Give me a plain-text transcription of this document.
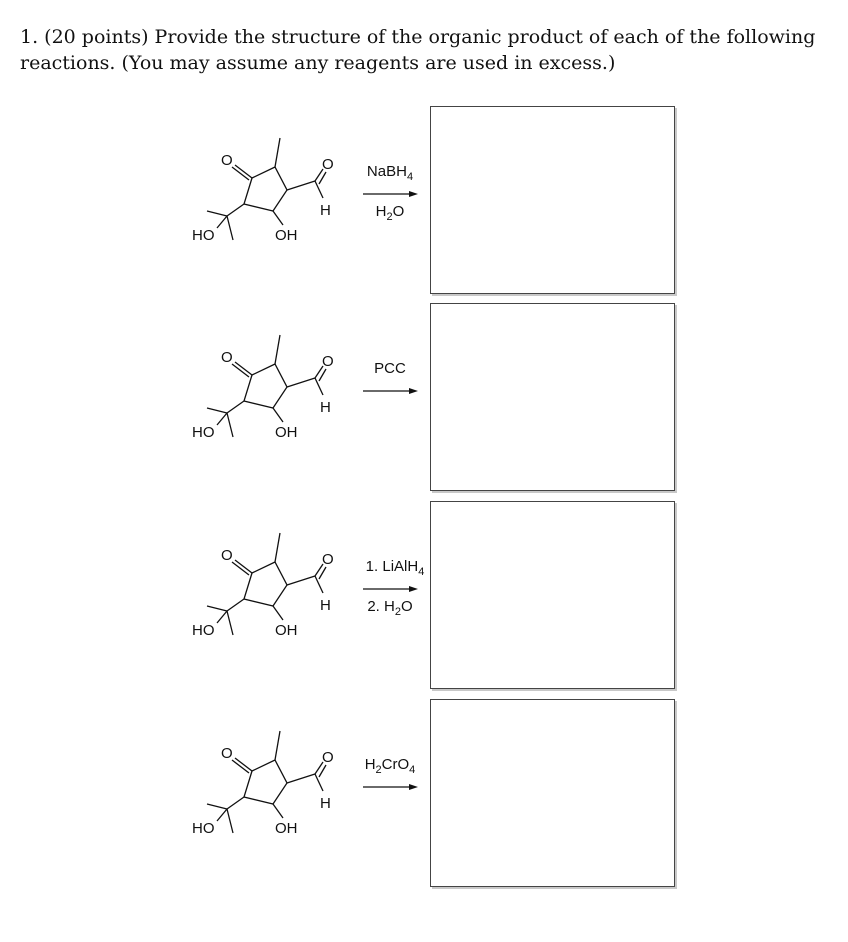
1. (20 points) Provide the structure of the organic product of each of the following reactions. (You may assume any reagents are used in excess.)
O	O
H
HO	OH
NaBH$_4$
$H_2O$
O	O
H
HO	OH
PCC
O	O
H
HO	OH
1. LiAlH$_4$
2. $H_2O$
O	O
H
HO	OH
$H_2CrO_4$
